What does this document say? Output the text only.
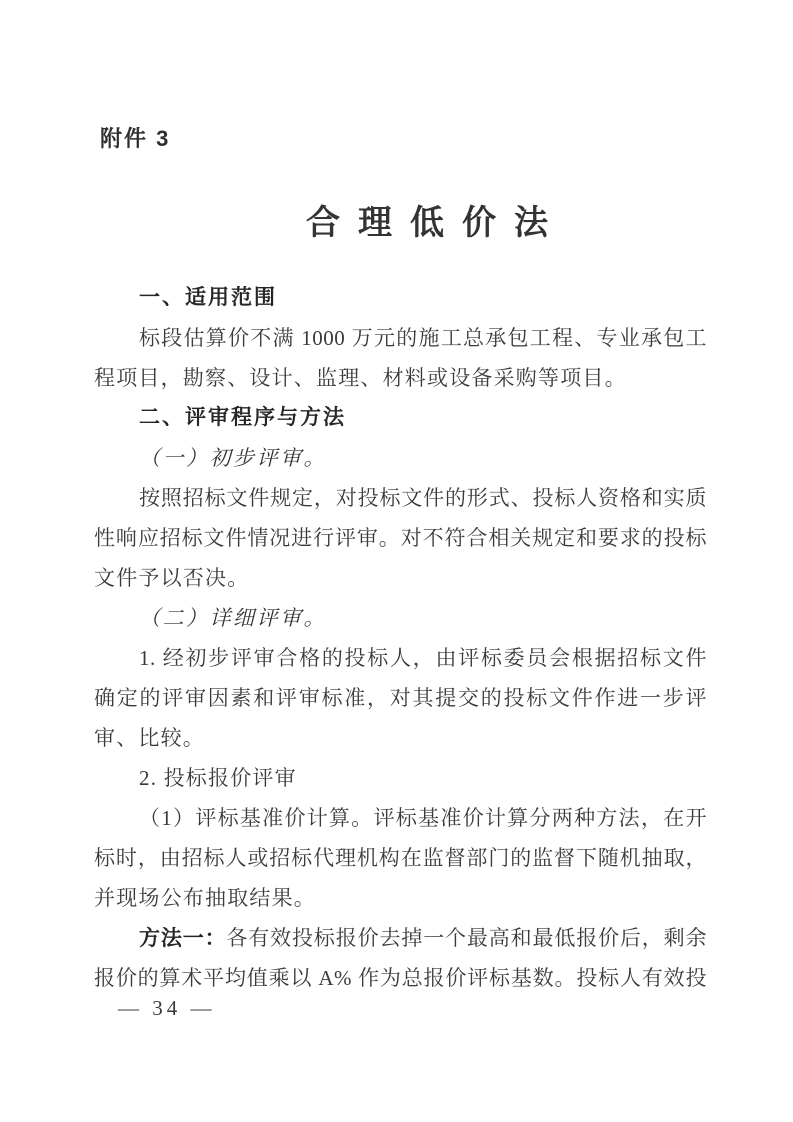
附件 3
合理低价法
一、适用范围
标段估算价不满 1000 万元的施工总承包工程、专业承包工
程项目，勘察、设计、监理、材料或设备采购等项目。
二、评审程序与方法
（一）初步评审。
按照招标文件规定，对投标文件的形式、投标人资格和实质
性响应招标文件情况进行评审。对不符合相关规定和要求的投标
文件予以否决。
（二）详细评审。
1. 经初步评审合格的投标人，由评标委员会根据招标文件
确定的评审因素和评审标准，对其提交的投标文件作进一步评
审、比较。
2. 投标报价评审
（1）评标基准价计算。评标基准价计算分两种方法，在开
标时，由招标人或招标代理机构在监督部门的监督下随机抽取，
并现场公布抽取结果。
方法一：各有效投标报价去掉一个最高和最低报价后，剩余
报价的算术平均值乘以 A% 作为总报价评标基数。投标人有效投
— 34 —
